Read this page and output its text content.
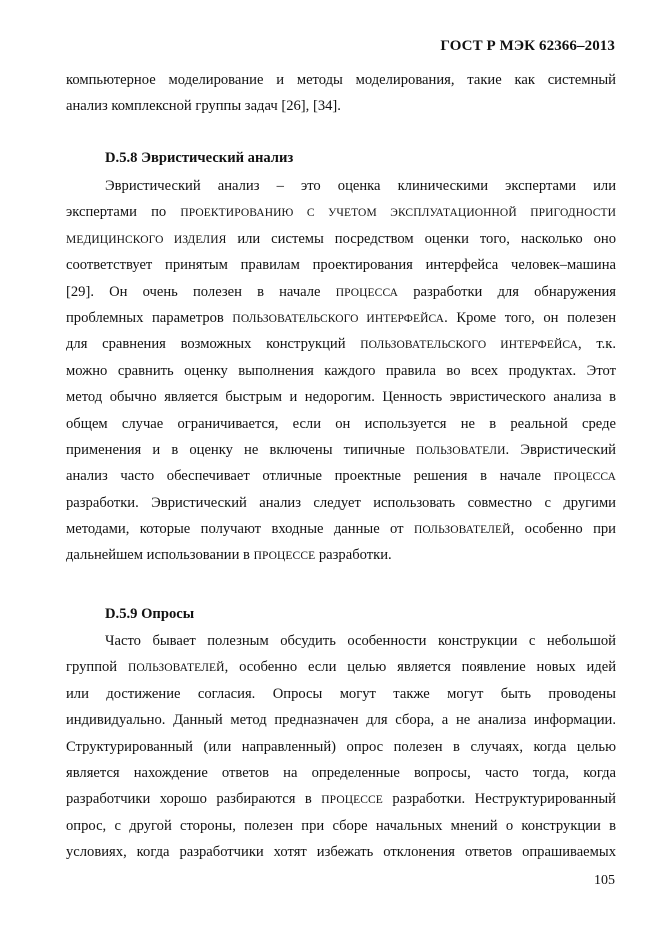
ГОСТ Р МЭК 62366–2013
компьютерное моделирование и методы моделирования, такие как системный
анализ комплексной группы задач [26], [34].
D.5.8 Эвристический анализ
Эвристический анализ – это оценка клиническими экспертами или
экспертами по ПРОЕКТИРОВАНИЮ С УЧЕТОМ ЭКСПЛУАТАЦИОННОЙ ПРИГОДНОСТИ
МЕДИЦИНСКОГО ИЗДЕЛИЯ или системы посредством оценки того, насколько оно
соответствует принятым правилам проектирования интерфейса человек–машина
[29]. Он очень полезен в начале ПРОЦЕССА разработки для обнаружения
проблемных параметров ПОЛЬЗОВАТЕЛЬСКОГО ИНТЕРФЕЙСА. Кроме того, он полезен
для сравнения возможных конструкций ПОЛЬЗОВАТЕЛЬСКОГО ИНТЕРФЕЙСА, т.к.
можно сравнить оценку выполнения каждого правила во всех продуктах. Этот
метод обычно является быстрым и недорогим. Ценность эвристического анализа в
общем случае ограничивается, если он используется не в реальной среде
применения и в оценку не включены типичные ПОЛЬЗОВАТЕЛИ. Эвристический
анализ часто обеспечивает отличные проектные решения в начале ПРОЦЕССА
разработки. Эвристический анализ следует использовать совместно с другими
методами, которые получают входные данные от ПОЛЬЗОВАТЕЛЕЙ, особенно при
дальнейшем использовании в ПРОЦЕССЕ разработки.
D.5.9 Опросы
Часто бывает полезным обсудить особенности конструкции с небольшой
группой ПОЛЬЗОВАТЕЛЕЙ, особенно если целью является появление новых идей
или достижение согласия. Опросы могут также могут быть проводены
индивидуально. Данный метод предназначен для сбора, а не анализа информации.
Структурированный (или направленный) опрос полезен в случаях, когда целью
является нахождение ответов на определенные вопросы, часто тогда, когда
разработчики хорошо разбираются в ПРОЦЕССЕ разработки. Неструктурированный
опрос, с другой стороны, полезен при сборе начальных мнений о конструкции в
условиях, когда разработчики хотят избежать отклонения ответов опрашиваемых
105
